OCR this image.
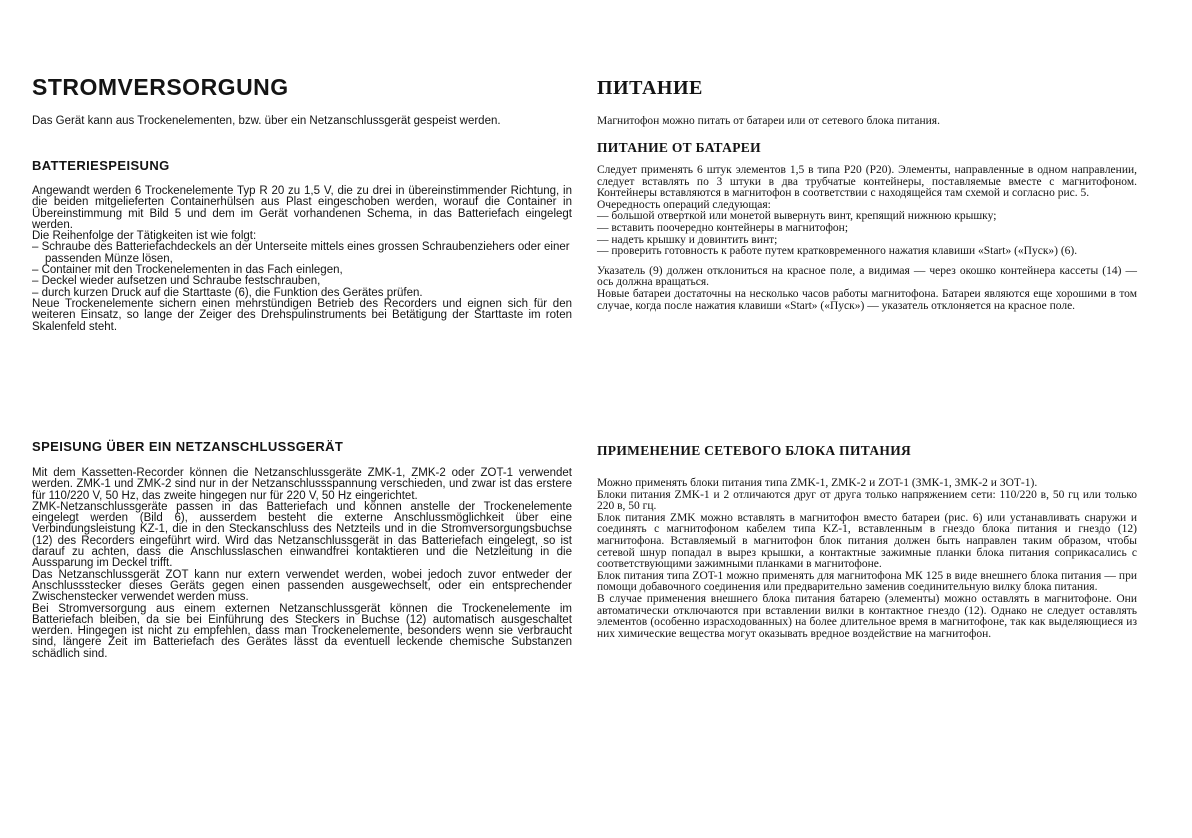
STROMVERSORGUNG

Das Gerät kann aus Trockenelementen, bzw. über ein Netzanschlussgerät gespeist werden.

BATTERIESPEISUNG

Angewandt werden 6 Trockenelemente Typ R 20 zu 1,5 V, die zu drei in übereinstimmender Richtung, in die beiden mitgelieferten Containerhülsen aus Plast eingeschoben werden, worauf die Container in Übereinstimmung mit Bild 5 und dem im Gerät vorhandenen Schema, in das Batteriefach eingelegt werden.

Die Reihenfolge der Tätigkeiten ist wie folgt:

– Schraube des Batteriefachdeckels an der Unterseite mittels eines grossen Schraubenziehers oder einer passenden Münze lösen,
– Container mit den Trockenelementen in das Fach einlegen,
– Deckel wieder aufsetzen und Schraube festschrauben,
– durch kurzen Druck auf die Starttaste (6), die Funktion des Gerätes prüfen.

Neue Trockenelemente sichern einen mehrstündigen Betrieb des Recorders und eignen sich für den weiteren Einsatz, so lange der Zeiger des Drehspulinstruments bei Betätigung der Starttaste im roten Skalenfeld steht.

SPEISUNG ÜBER EIN NETZANSCHLUSSGERÄT

Mit dem Kassetten-Recorder können die Netzanschlussgeräte ZMK-1, ZMK-2 oder ZOT-1 verwendet werden. ZMK-1 und ZMK-2 sind nur in der Netzanschlussspannung verschieden, und zwar ist das erstere für 110/220 V, 50 Hz, das zweite hingegen nur für 220 V, 50 Hz eingerichtet.

ZMK-Netzanschlussgeräte passen in das Batteriefach und können anstelle der Trockenelemente eingelegt werden (Bild 6), ausserdem besteht die externe Anschlussmöglichkeit über eine Verbindungsleistung KZ-1, die in den Steckanschluss des Netzteils und in die Stromversorgungsbuchse (12) des Recorders eingeführt wird. Wird das Netzanschlussgerät in das Batteriefach eingelegt, so ist darauf zu achten, dass die Anschlusslaschen einwandfrei kontaktieren und die Netzleitung in die Aussparung im Deckel trifft.

Das Netzanschlussgerät ZOT kann nur extern verwendet werden, wobei jedoch zuvor entweder der Anschlussstecker dieses Geräts gegen einen passenden ausgewechselt, oder ein entsprechender Zwischenstecker verwendet werden muss.

Bei Stromversorgung aus einem externen Netzanschlussgerät können die Trockenelemente im Batteriefach bleiben, da sie bei Einführung des Steckers in Buchse (12) automatisch ausgeschaltet werden. Hingegen ist nicht zu empfehlen, dass man Trockenelemente, besonders wenn sie verbraucht sind, längere Zeit im Batteriefach des Gerätes lässt da eventuell leckende chemische Substanzen schädlich sind.

ПИТАНИЕ

Магнитофон можно питать от батареи или от сетевого блока питания.

ПИТАНИЕ ОТ БАТАРЕИ

Следует применять 6 штук элементов 1,5 в типа Р20 (Р20). Элементы, направленные в одном направлении, следует вставлять по 3 штуки в два трубчатые контейнеры, поставляемые вместе с магнитофоном. Контейнеры вставляются в магнитофон в соответствии с находящейся там схемой и согласно рис. 5.

Очередность операций следующая:

— большой отверткой или монетой вывернуть винт, крепящий нижнюю крышку;
— вставить поочередно контейнеры в магнитофон;
— надеть крышку и довинтить винт;
— проверить готовность к работе путем кратковременного нажатия клавиши «Start» («Пуск») (6).

Указатель (9) должен отклониться на красное поле, а видимая — через окошко контейнера кассеты (14) — ось должна вращаться.

Новые батареи достаточны на несколько часов работы магнитофона. Батареи являются еще хорошими в том случае, когда после нажатия клавиши «Start» («Пуск») — указатель отклоняется на красное поле.

ПРИМЕНЕНИЕ СЕТЕВОГО БЛОКА ПИТАНИЯ

Можно применять блоки питания типа ZMK-1, ZMK-2 и ZOT-1 (ЗМК-1, ЗМК-2 и ЗОТ-1).

Блоки питания ZMK-1 и 2 отличаются друг от друга только напряжением сети: 110/220 в, 50 гц или только 220 в, 50 гц.

Блок питания ZMK можно вставлять в магнитофон вместо батареи (рис. 6) или устанавливать снаружи и соединять с магнитофоном кабелем типа KZ-1, вставленным в гнездо блока питания и гнездо (12) магнитофона. Вставляемый в магнитофон блок питания должен быть направлен таким образом, чтобы сетевой шнур попадал в вырез крышки, а контактные зажимные планки блока питания соприкасались с соответствующими зажимными планками в магнитофоне.

Блок питания типа ZOT-1 можно применять для магнитофона МК 125 в виде внешнего блока питания — при помощи добавочного соединения или предварительно заменив соединительную вилку блока питания.

В случае применения внешнего блока питания батарею (элементы) можно оставлять в магнитофоне. Они автоматически отключаются при вставлении вилки в контактное гнездо (12). Однако не следует оставлять элементов (особенно израсходованных) на более длительное время в магнитофоне, так как выделяющиеся из них химические вещества могут оказывать вредное воздействие на магнитофон.
